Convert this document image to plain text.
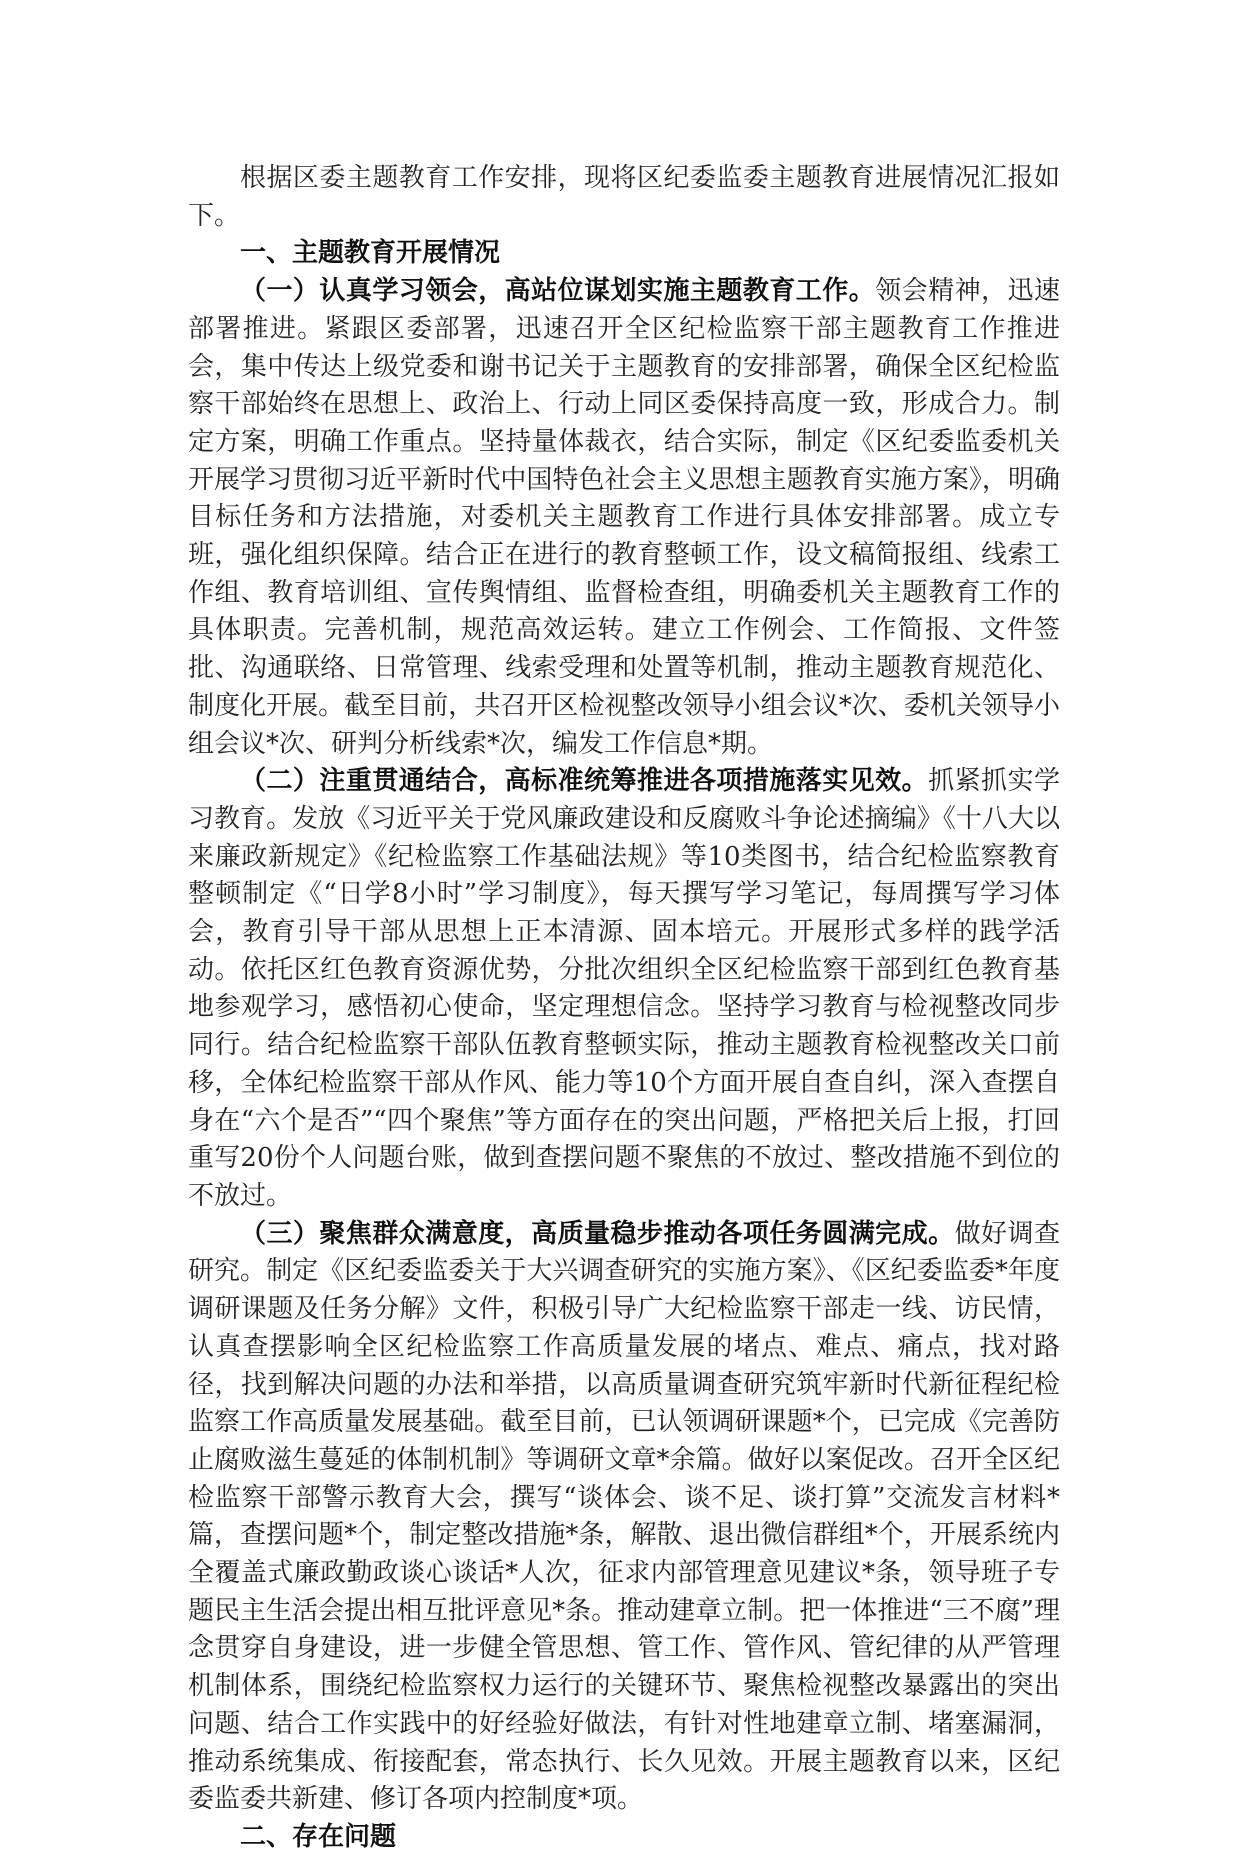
根据区委主题教育工作安排，现将区纪委监委主题教育进展情况汇报如下。

一、主题教育开展情况

（一）认真学习领会，高站位谋划实施主题教育工作。领会精神，迅速部署推进。紧跟区委部署，迅速召开全区纪检监察干部主题教育工作推进会，集中传达上级党委和谢书记关于主题教育的安排部署，确保全区纪检监察干部始终在思想上、政治上、行动上同区委保持高度一致，形成合力。制定方案，明确工作重点。坚持量体裁衣，结合实际，制定《区纪委监委机关开展学习贯彻习近平新时代中国特色社会主义思想主题教育实施方案》，明确目标任务和方法措施，对委机关主题教育工作进行具体安排部署。成立专班，强化组织保障。结合正在进行的教育整顿工作，设文稿简报组、线索工作组、教育培训组、宣传舆情组、监督检查组，明确委机关主题教育工作的具体职责。完善机制，规范高效运转。建立工作例会、工作简报、文件签批、沟通联络、日常管理、线索受理和处置等机制，推动主题教育规范化、制度化开展。截至目前，共召开区检视整改领导小组会议*次、委机关领导小组会议*次、研判分析线索*次，编发工作信息*期。

（二）注重贯通结合，高标准统筹推进各项措施落实见效。抓紧抓实学习教育。发放《习近平关于党风廉政建设和反腐败斗争论述摘编》《十八大以来廉政新规定》《纪检监察工作基础法规》等10类图书，结合纪检监察教育整顿制定《“日学8小时”学习制度》，每天撰写学习笔记，每周撰写学习体会，教育引导干部从思想上正本清源、固本培元。开展形式多样的践学活动。依托区红色教育资源优势，分批次组织全区纪检监察干部到红色教育基地参观学习，感悟初心使命，坚定理想信念。坚持学习教育与检视整改同步同行。结合纪检监察干部队伍教育整顿实际，推动主题教育检视整改关口前移，全体纪检监察干部从作风、能力等10个方面开展自查自纠，深入查摆自身在“六个是否”“四个聚焦”等方面存在的突出问题，严格把关后上报，打回重写20份个人问题台账，做到查摆问题不聚焦的不放过、整改措施不到位的不放过。

（三）聚焦群众满意度，高质量稳步推动各项任务圆满完成。做好调查研究。制定《区纪委监委关于大兴调查研究的实施方案》、《区纪委监委*年度调研课题及任务分解》文件，积极引导广大纪检监察干部走一线、访民情，认真查摆影响全区纪检监察工作高质量发展的堵点、难点、痛点，找对路径，找到解决问题的办法和举措，以高质量调查研究筑牢新时代新征程纪检监察工作高质量发展基础。截至目前，已认领调研课题*个，已完成《完善防止腐败滋生蔓延的体制机制》等调研文章*余篇。做好以案促改。召开全区纪检监察干部警示教育大会，撰写“谈体会、谈不足、谈打算”交流发言材料*篇，查摆问题*个，制定整改措施*条，解散、退出微信群组*个，开展系统内全覆盖式廉政勤政谈心谈话*人次，征求内部管理意见建议*条，领导班子专题民主生活会提出相互批评意见*条。推动建章立制。把一体推进“三不腐”理念贯穿自身建设，进一步健全管思想、管工作、管作风、管纪律的从严管理机制体系，围绕纪检监察权力运行的关键环节、聚焦检视整改暴露出的突出问题、结合工作实践中的好经验好做法，有针对性地建章立制、堵塞漏洞，推动系统集成、衔接配套，常态执行、长久见效。开展主题教育以来，区纪委监委共新建、修订各项内控制度*项。

二、存在问题
